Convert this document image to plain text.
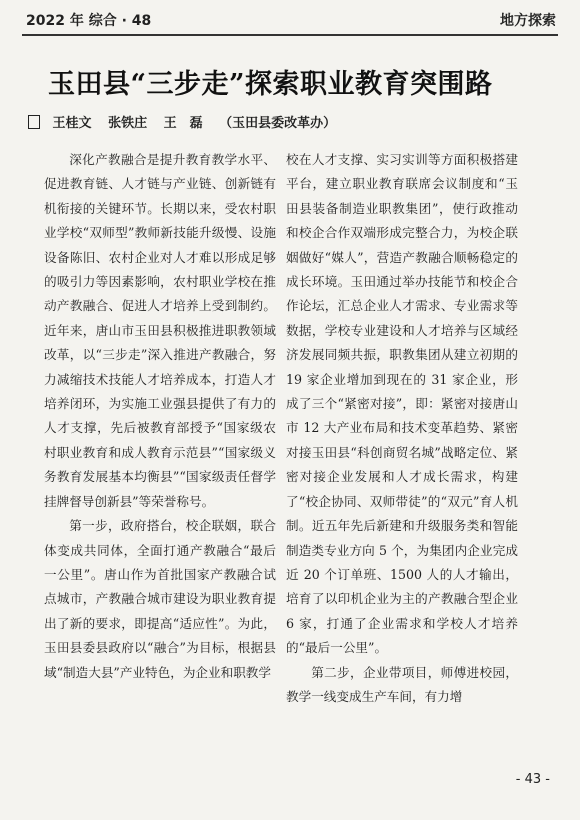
2022 年 综合 · 48	地方探索
玉田县“三步走”探索职业教育突围路
王桂文 张铁庄 王　磊 （玉田县委改革办）

深化产教融合是提升教育教学水平、促进教育链、人才链与产业链、创新链有机衔接的关键环节。长期以来，受农村职业学校“双师型”教师新技能升级慢、设施设备陈旧、农村企业对人才难以形成足够的吸引力等因素影响，农村职业学校在推动产教融合、促进人才培养上受到制约。近年来，唐山市玉田县积极推进职教领域改革，以“三步走”深入推进产教融合，努力减缩技术技能人才培养成本，打造人才培养闭环，为实施工业强县提供了有力的人才支撑，先后被教育部授予“国家级农村职业教育和成人教育示范县”“国家级义务教育发展基本均衡县”“国家级责任督学挂牌督导创新县”等荣誉称号。

第一步，政府搭台，校企联姻，联合体变成共同体，全面打通产教融合“最后一公里”。唐山作为首批国家产教融合试点城市，产教融合城市建设为职业教育提出了新的要求，即提高“适应性”。为此，玉田县委县政府以“融合”为目标，根据县域“制造大县”产业特色，为企业和职教学

校在人才支撑、实习实训等方面积极搭建平台，建立职业教育联席会议制度和“玉田县装备制造业职教集团”，使行政推动和校企合作双端形成完整合力，为校企联姻做好“媒人”，营造产教融合顺畅稳定的成长环境。玉田通过举办技能节和校企合作论坛，汇总企业人才需求、专业需求等数据，学校专业建设和人才培养与区域经济发展同频共振，职教集团从建立初期的 19 家企业增加到现在的 31 家企业，形成了三个“紧密对接”，即：紧密对接唐山市 12 大产业布局和技术变革趋势、紧密对接玉田县“科创商贸名城”战略定位、紧密对接企业发展和人才成长需求，构建了“校企协同、双师带徒”的“双元”育人机制。近五年先后新建和升级服务类和智能制造类专业方向 5 个，为集团内企业完成近 20 个订单班、1500 人的人才输出，培育了以印机企业为主的产教融合型企业 6 家，打通了企业需求和学校人才培养的“最后一公里”。

第二步，企业带项目，师傅进校园，教学一线变成生产车间，有力增

- 43 -
